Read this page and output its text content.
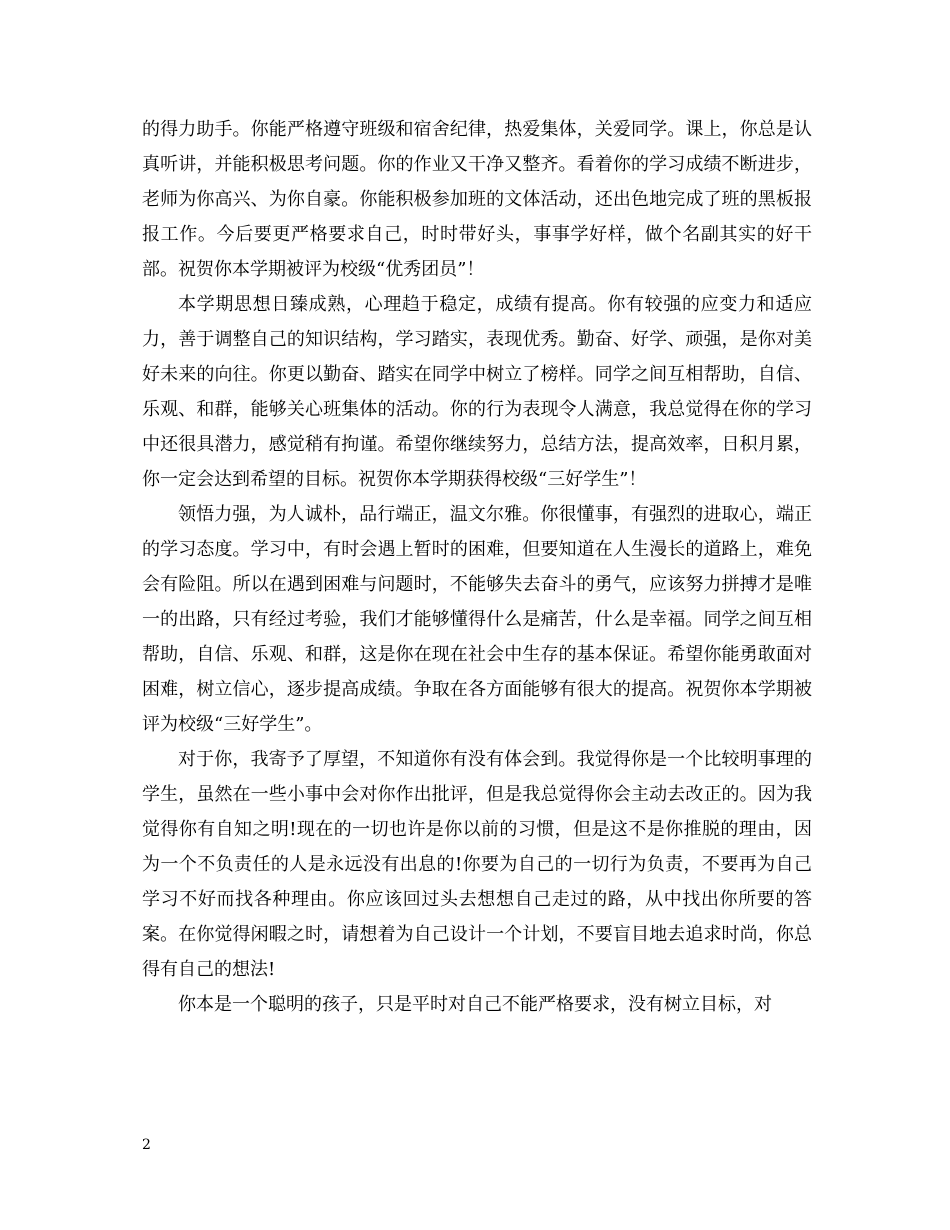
的得力助手。你能严格遵守班级和宿舍纪律，热爱集体，关爱同学。课上，你总是认真听讲，并能积极思考问题。你的作业又干净又整齐。看着你的学习成绩不断进步，老师为你高兴、为你自豪。你能积极参加班的文体活动，还出色地完成了班的黑板报报工作。今后要更严格要求自己，时时带好头，事事学好样，做个名副其实的好干部。祝贺你本学期被评为校级“优秀团员”！

本学期思想日臻成熟，心理趋于稳定，成绩有提高。你有较强的应变力和适应力，善于调整自己的知识结构，学习踏实，表现优秀。勤奋、好学、顽强，是你对美好未来的向往。你更以勤奋、踏实在同学中树立了榜样。同学之间互相帮助，自信、乐观、和群，能够关心班集体的活动。你的行为表现令人满意，我总觉得在你的学习中还很具潜力，感觉稍有拘谨。希望你继续努力，总结方法，提高效率，日积月累，你一定会达到希望的目标。祝贺你本学期获得校级“三好学生”！

领悟力强，为人诚朴，品行端正，温文尔雅。你很懂事，有强烈的进取心，端正的学习态度。学习中，有时会遇上暂时的困难，但要知道在人生漫长的道路上，难免会有险阻。所以在遇到困难与问题时，不能够失去奋斗的勇气，应该努力拼搏才是唯一的出路，只有经过考验，我们才能够懂得什么是痛苦，什么是幸福。同学之间互相帮助，自信、乐观、和群，这是你在现在社会中生存的基本保证。希望你能勇敢面对困难，树立信心，逐步提高成绩。争取在各方面能够有很大的提高。祝贺你本学期被评为校级“三好学生”。

对于你，我寄予了厚望，不知道你有没有体会到。我觉得你是一个比较明事理的学生，虽然在一些小事中会对你作出批评，但是我总觉得你会主动去改正的。因为我觉得你有自知之明!现在的一切也许是你以前的习惯，但是这不是你推脱的理由，因为一个不负责任的人是永远没有出息的!你要为自己的一切行为负责，不要再为自己学习不好而找各种理由。你应该回过头去想想自己走过的路，从中找出你所要的答案。在你觉得闲暇之时，请想着为自己设计一个计划，不要盲目地去追求时尚，你总得有自己的想法!

你本是一个聪明的孩子，只是平时对自己不能严格要求，没有树立目标，对

2
